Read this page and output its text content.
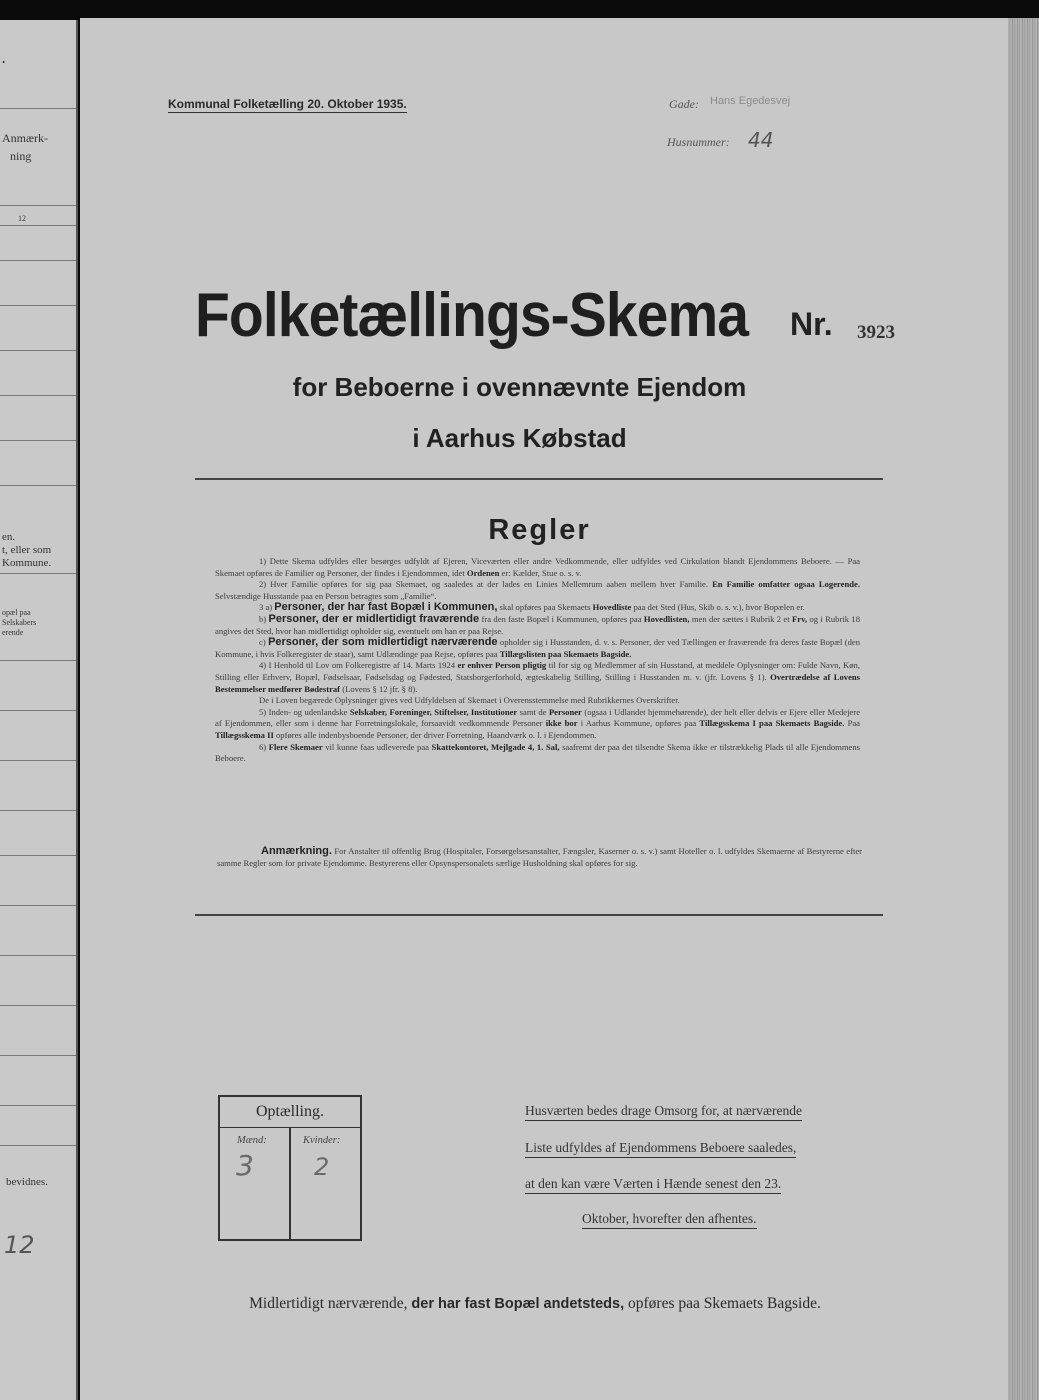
.
Anmærk-
ning
12
en.
t, eller som
Kommune.
opæl paa
Selskabers
erende
bevidnes.
12
Kommunal Folketælling 20. Oktober 1935.	Gade: Hans Egedesvej
Husnummer: 44
Folketællings-Skema Nr. 3923
for Beboerne i ovennævnte Ejendom
i Aarhus Købstad
Regler

1) Dette Skema udfyldes eller besørges udfyldt af Ejeren, Viceværten eller andre Vedkommende, eller udfyldes ved Cirkulation blandt Ejendommens Beboere. — Paa Skemaet opføres de Familier og Personer, der findes i Ejendommen, idet Ordenen er: Kælder, Stue o. s. v.

2) Hver Familie opføres for sig paa Skemaet, og saaledes at der lades en Linies Mellemrum aaben mellem hver Familie. En Familie omfatter ogsaa Logerende. Selvstændige Husstande paa en Person betragtes som „Familie“.

3 a) Personer, der har fast Bopæl i Kommunen, skal opføres paa Skemaets Hovedliste paa det Sted (Hus, Skib o. s. v.), hvor Bopælen er.

b) Personer, der er midlertidigt fraværende fra den faste Bopæl i Kommunen, opføres paa Hovedlisten, men der sættes i Rubrik 2 et Frv, og i Rubrik 18 angives det Sted, hvor han midlertidigt opholder sig, eventuelt om han er paa Rejse.

c) Personer, der som midlertidigt nærværende opholder sig i Husstanden, d. v. s. Personer, der ved Tællingen er fraværende fra deres faste Bopæl (den Kommune, i hvis Folkeregister de staar), samt Udlændinge paa Rejse, opføres paa Tillægslisten paa Skemaets Bagside.

4) I Henhold til Lov om Folkeregistre af 14. Marts 1924 er enhver Person pligtig til for sig og Medlemmer af sin Husstand, at meddele Oplysninger om: Fulde Navn, Køn, Stilling eller Erhverv, Bopæl, Fødselsaar, Fødselsdag og Fødested, Statsborgerforhold, ægteskabelig Stilling, Stilling i Husstanden m. v. (jfr. Lovens § 1). Overtrædelse af Lovens Bestemmelser medfører Bødestraf (Lovens § 12 jfr. § 8).

De i Loven begærede Oplysninger gives ved Udfyldelsen af Skemaet i Overensstemmelse med Rubrikkernes Overskrifter.

5) Inden- og udenlandske Selskaber, Foreninger, Stiftelser, Institutioner samt de Personer (ogsaa i Udlandet hjemmehørende), der helt eller delvis er Ejere eller Medejere af Ejendommen, eller som i denne har Forretningslokale, forsaavidt vedkommende Personer ikke bor i Aarhus Kommune, opføres paa Tillægsskema I paa Skemaets Bagside. Paa Tillægsskema II opføres alle indenbysboende Personer, der driver Forretning, Haandværk o. l. i Ejendommen.

6) Flere Skemaer vil kunne faas udleverede paa Skattekontoret, Mejlgade 4, 1. Sal, saafremt der paa det tilsendte Skema ikke er tilstrækkelig Plads til alle Ejendommens Beboere.

Anmærkning. For Anstalter til offentlig Brug (Hospitaler, Forsørgelsesanstalter, Fængsler, Kaserner o. s. v.) samt Hoteller o. l. udfyldes Skemaerne af Bestyrerne efter samme Regler som for private Ejendomme. Bestyrerens eller Opsynspersonalets særlige Husholdning skal opføres for sig.
Optælling.
Mænd:	Kvinder:
3	2
Husværten bedes drage Omsorg for, at nærværende
Liste udfyldes af Ejendommens Beboere saaledes,
at den kan være Værten i Hænde senest den 23.
Oktober, hvorefter den afhentes.
Midlertidigt nærværende, der har fast Bopæl andetsteds, opføres paa Skemaets Bagside.
